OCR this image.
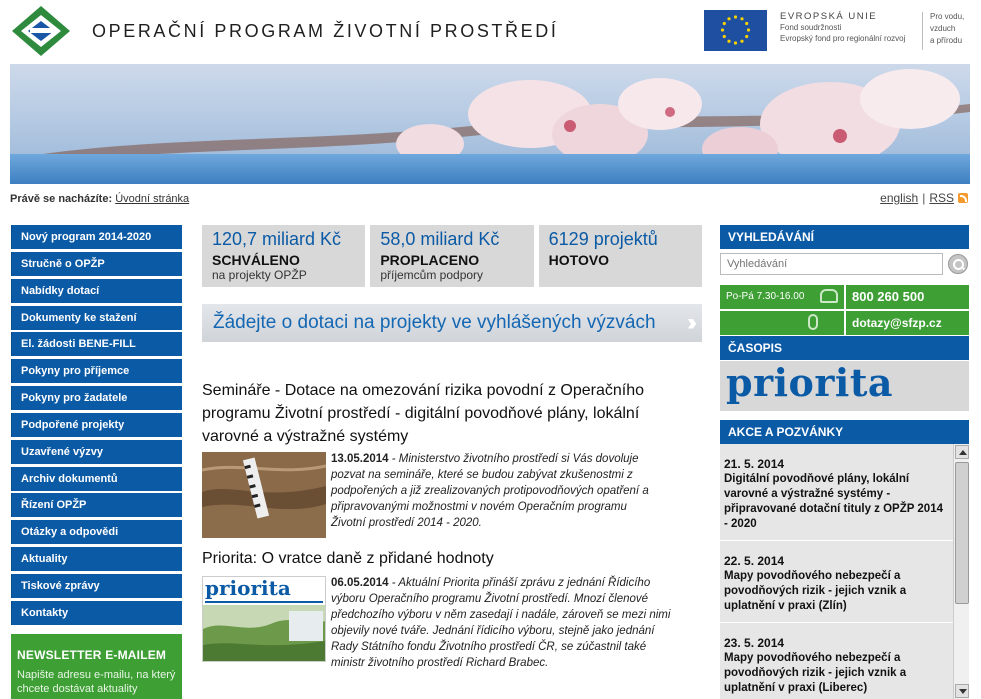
OPERAČNÍ PROGRAM ŽIVOTNÍ PROSTŘEDÍ
EVROPSKÁ UNIE
Fond soudržnosti
Evropský fond pro regionální rozvoj
Pro vodu,
vzduch
a přírodu
Právě se nacházíte: Úvodní stránka	english | RSS
Nový program 2014-2020
Stručně o OPŽP
Nabídky dotací
Dokumenty ke stažení
El. žádosti BENE-FILL
Pokyny pro příjemce
Pokyny pro žadatele
Podpořené projekty
Uzavřené výzvy
Archiv dokumentů
Řízení OPŽP
Otázky a odpovědi
Aktuality
Tiskové zprávy
Kontakty
NEWSLETTER E-MAILEM
Napište adresu e-mailu, na který chcete dostávat aktuality
120,7 miliard Kč
SCHVÁLENO
na projekty OPŽP
58,0 miliard Kč
PROPLACENO
příjemcům podpory
6129 projektů
HOTOVO
Žádejte o dotaci na projekty ve vyhlášených výzvách ››
Semináře - Dotace na omezování rizika povodní z Operačního programu Životní prostředí - digitální povodňové plány, lokální varovné a výstražné systémy
13.05.2014 - Ministerstvo životního prostředí si Vás dovoluje pozvat na semináře, které se budou zabývat zkušenostmi z podpořených a již zrealizovaných protipovodňových opatření a připravovanými možnostmi v novém Operačním programu Životní prostředí 2014 - 2020.
Priorita: O vratce daně z přidané hodnoty
priorita	06.05.2014 - Aktuální Priorita přináší zprávu z jednání Řídicího výboru Operačního programu Životní prostředí. Mnozí členové předchozího výboru v něm zasedají i nadále, zároveň se mezi nimi objevily nové tváře. Jednání řídicího výboru, stejně jako jednání Rady Státního fondu Životního prostředí ČR, se zúčastnil také ministr životního prostředí Richard Brabec.
VYHLEDÁVÁNÍ
Vyhledávání
Po-Pá 7.30-16.00	800 260 500
dotazy@sfzp.cz
ČASOPIS
priorita
AKCE A POZVÁNKY
21. 5. 2014
Digitální povodňové plány, lokální varovné a výstražné systémy - připravované dotační tituly z OPŽP 2014 - 2020
22. 5. 2014
Mapy povodňového nebezpečí a povodňových rizik - jejich vznik a uplatnění v praxi (Zlín)
23. 5. 2014
Mapy povodňového nebezpečí a povodňových rizik - jejich vznik a uplatnění v praxi (Liberec)
